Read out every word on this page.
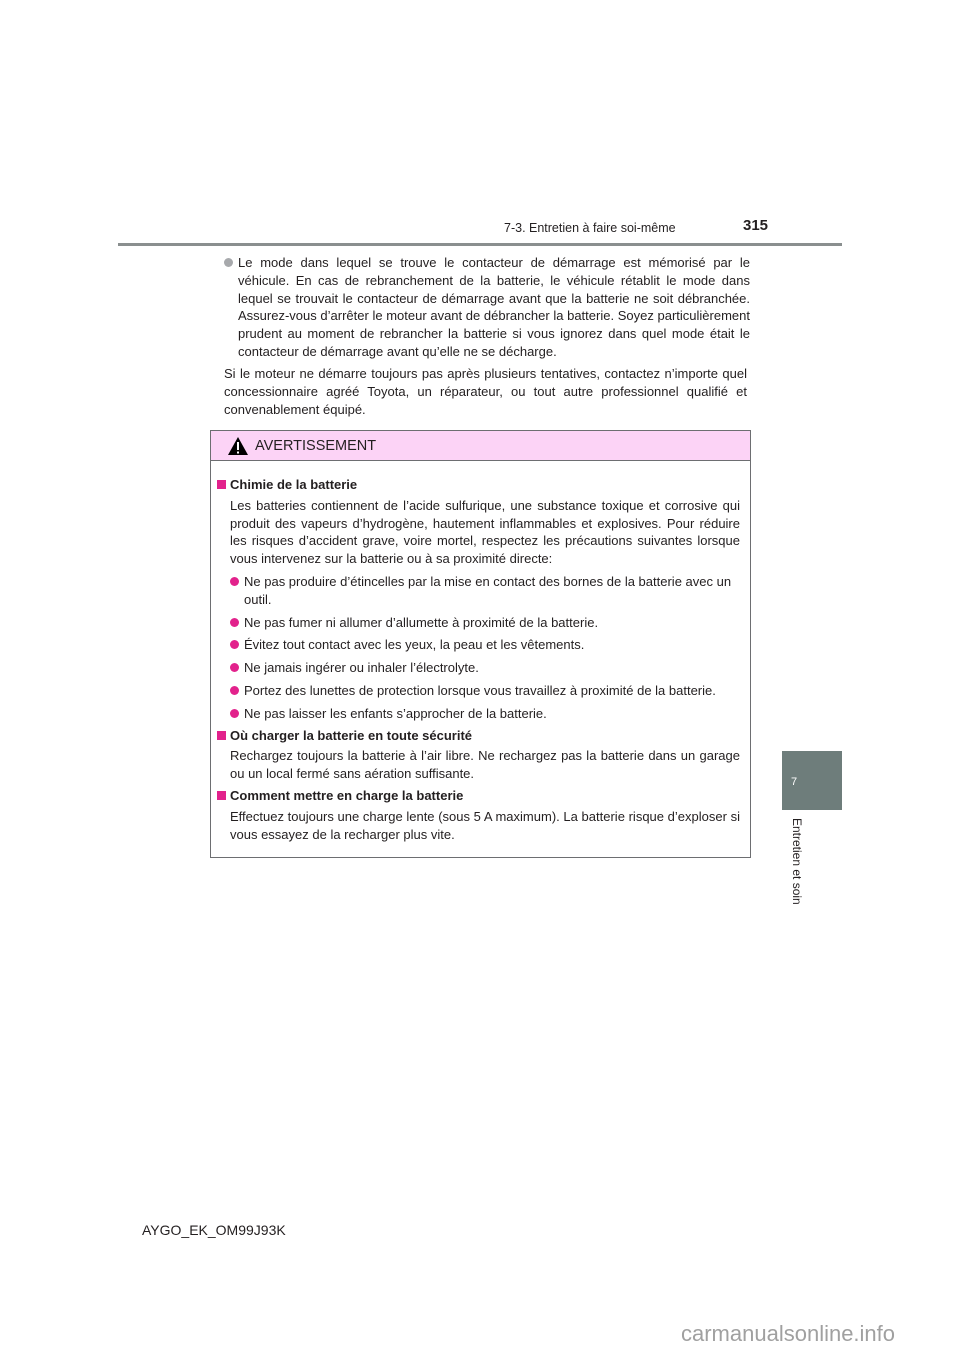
7-3. Entretien à faire soi-même	315
Le mode dans lequel se trouve le contacteur de démarrage est mémorisé par le véhicule. En cas de rebranchement de la batterie, le véhicule rétablit le mode dans lequel se trouvait le contacteur de démarrage avant que la batterie ne soit débranchée. Assurez-vous d’arrêter le moteur avant de débrancher la batterie. Soyez particulièrement prudent au moment de rebrancher la batterie si vous ignorez dans quel mode était le contacteur de démarrage avant qu’elle ne se décharge.
Si le moteur ne démarre toujours pas après plusieurs tentatives, contactez n’importe quel concessionnaire agréé Toyota, un réparateur, ou tout autre professionnel qualifié et convenablement équipé.
AVERTISSEMENT
Chimie de la batterie
Les batteries contiennent de l’acide sulfurique, une substance toxique et corrosive qui produit des vapeurs d’hydrogène, hautement inflammables et explosives. Pour réduire les risques d’accident grave, voire mortel, respectez les précautions suivantes lorsque vous intervenez sur la batterie ou à sa proximité directe:
Ne pas produire d’étincelles par la mise en contact des bornes de la batterie avec un outil.
Ne pas fumer ni allumer d’allumette à proximité de la batterie.
Évitez tout contact avec les yeux, la peau et les vêtements.
Ne jamais ingérer ou inhaler l’électrolyte.
Portez des lunettes de protection lorsque vous travaillez à proximité de la batterie.
Ne pas laisser les enfants s’approcher de la batterie.
Où charger la batterie en toute sécurité
Rechargez toujours la batterie à l’air libre. Ne rechargez pas la batterie dans un garage ou un local fermé sans aération suffisante.
Comment mettre en charge la batterie
Effectuez toujours une charge lente (sous 5 A maximum). La batterie risque d’exploser si vous essayez de la recharger plus vite.
7
Entretien et soin
AYGO_EK_OM99J93K
carmanualsonline.info
